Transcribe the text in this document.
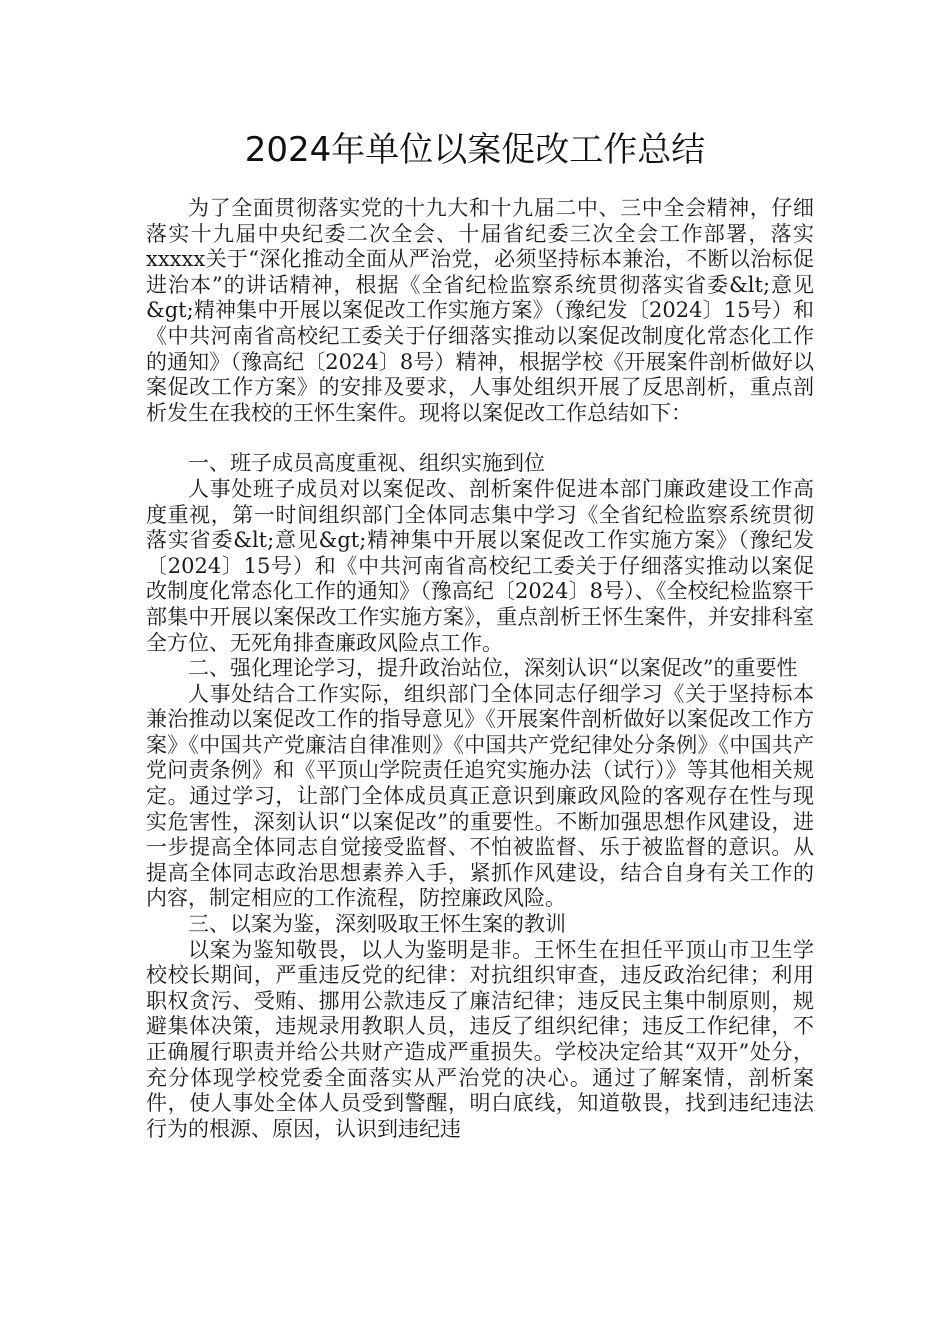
2024年单位以案促改工作总结

为了全面贯彻落实党的十九大和十九届二中、三中全会精神，仔细落实十九届中央纪委二次全会、十届省纪委三次全会工作部署，落实xxxxx关于“深化推动全面从严治党，必须坚持标本兼治，不断以治标促进治本”的讲话精神，根据《全省纪检监察系统贯彻落实省委&lt;意见&gt;精神集中开展以案促改工作实施方案》（豫纪发〔2024〕15号）和《中共河南省高校纪工委关于仔细落实推动以案促改制度化常态化工作的通知》（豫高纪〔2024〕8号）精神，根据学校《开展案件剖析做好以案促改工作方案》的安排及要求，人事处组织开展了反思剖析，重点剖析发生在我校的王怀生案件。现将以案促改工作总结如下：

一、班子成员高度重视、组织实施到位

人事处班子成员对以案促改、剖析案件促进本部门廉政建设工作高度重视，第一时间组织部门全体同志集中学习《全省纪检监察系统贯彻落实省委&lt;意见&gt;精神集中开展以案促改工作实施方案》（豫纪发〔2024〕15号）和《中共河南省高校纪工委关于仔细落实推动以案促改制度化常态化工作的通知》（豫高纪〔2024〕8号）、《全校纪检监察干部集中开展以案保改工作实施方案》，重点剖析王怀生案件，并安排科室全方位、无死角排查廉政风险点工作。

二、强化理论学习，提升政治站位，深刻认识“以案促改”的重要性

人事处结合工作实际，组织部门全体同志仔细学习《关于坚持标本兼治推动以案促改工作的指导意见》《开展案件剖析做好以案促改工作方案》《中国共产党廉洁自律准则》《中国共产党纪律处分条例》《中国共产党问责条例》和《平顶山学院责任追究实施办法（试行）》等其他相关规定。通过学习，让部门全体成员真正意识到廉政风险的客观存在性与现实危害性，深刻认识“以案促改”的重要性。不断加强思想作风建设，进一步提高全体同志自觉接受监督、不怕被监督、乐于被监督的意识。从提高全体同志政治思想素养入手，紧抓作风建设，结合自身有关工作的内容，制定相应的工作流程，防控廉政风险。

三、以案为鉴，深刻吸取王怀生案的教训

以案为鉴知敬畏，以人为鉴明是非。王怀生在担任平顶山市卫生学校校长期间，严重违反党的纪律：对抗组织审查，违反政治纪律；利用职权贪污、受贿、挪用公款违反了廉洁纪律；违反民主集中制原则，规避集体决策，违规录用教职人员，违反了组织纪律；违反工作纪律，不正确履行职责并给公共财产造成严重损失。学校决定给其“双开”处分，充分体现学校党委全面落实从严治党的决心。通过了解案情，剖析案件，使人事处全体人员受到警醒，明白底线，知道敬畏，找到违纪违法行为的根源、原因，认识到违纪违
